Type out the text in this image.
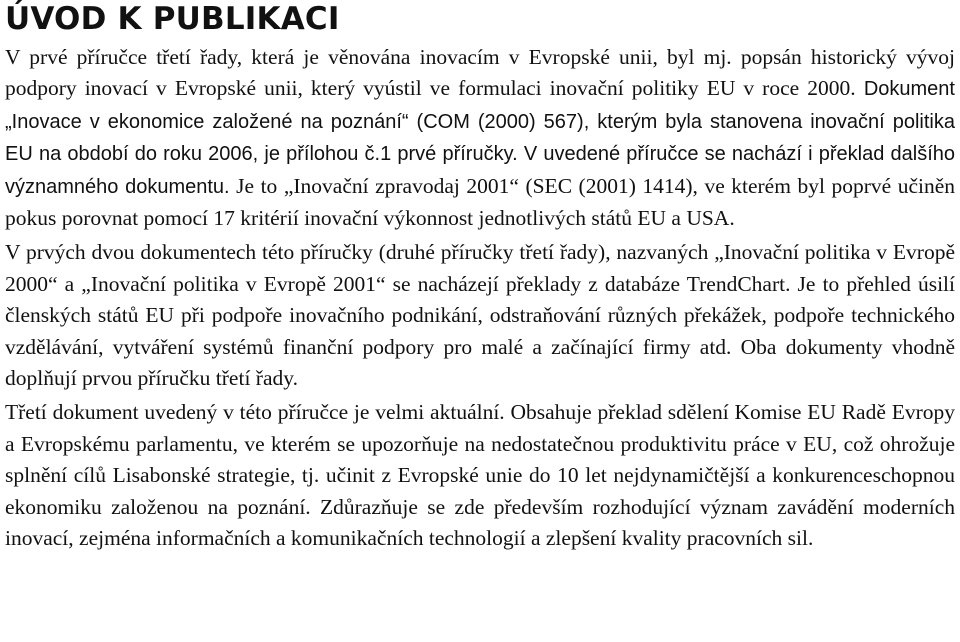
ÚVOD K PUBLIKACI

V prvé příručce třetí řady, která je věnována inovacím v Evropské unii, byl mj. popsán historický vývoj podpory inovací v Evropské unii, který vyústil ve formulaci inovační politiky EU v roce 2000. Dokument „Inovace v ekonomice založené na poznání“ (COM (2000) 567), kterým byla stanovena inovační politika EU na období do roku 2006, je přílohou č.1 prvé příručky. V uvedené příručce se nachází i překlad dalšího významného dokumentu. Je to „Inovační zpravodaj 2001“ (SEC (2001) 1414), ve kterém byl poprvé učiněn pokus porovnat pomocí 17 kritérií inovační výkonnost jednotlivých států EU a USA.

V prvých dvou dokumentech této příručky (druhé příručky třetí řady), nazvaných „Inovační politika v Evropě 2000“ a „Inovační politika v Evropě 2001“ se nacházejí překlady z databáze TrendChart. Je to přehled úsilí členských států EU při podpoře inovačního podnikání, odstraňování různých překážek, podpoře technického vzdělávání, vytváření systémů finanční podpory pro malé a začínající firmy atd. Oba dokumenty vhodně doplňují prvou příručku třetí řady.

Třetí dokument uvedený v této příručce je velmi aktuální. Obsahuje překlad sdělení Komise EU Radě Evropy a Evropskému parlamentu, ve kterém se upozorňuje na nedostatečnou produktivitu práce v EU, což ohrožuje splnění cílů Lisabonské strategie, tj. učinit z Evropské unie do 10 let nejdynamičtější a konkurenceschopnou ekonomiku založenou na poznání. Zdůrazňuje se zde především rozhodující význam zavádění moderních inovací, zejména informačních a komunikačních technologií a zlepšení kvality pracovních sil.
